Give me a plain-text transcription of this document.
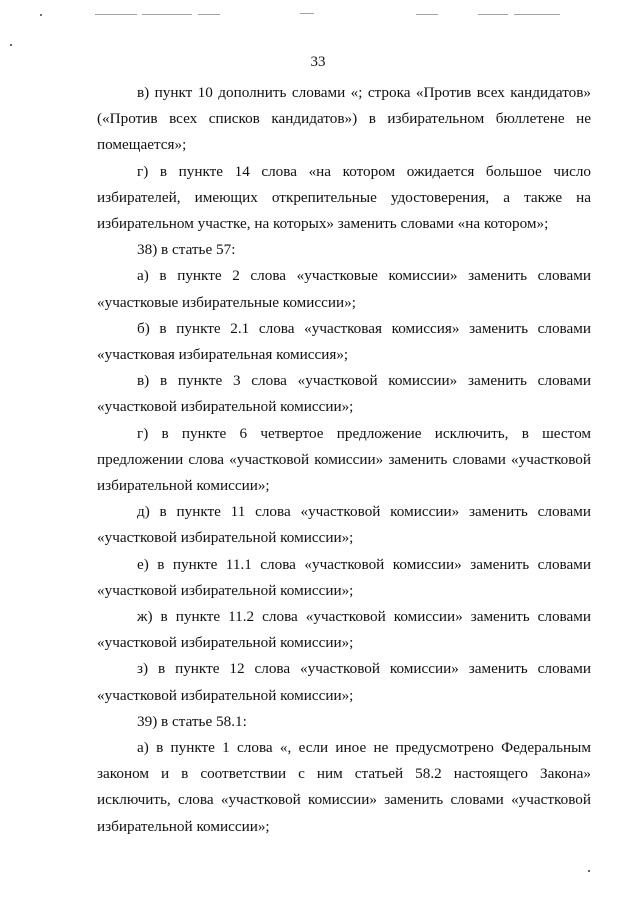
33
в) пункт 10 дополнить словами «; строка «Против всех кандидатов»
(«Против всех списков кандидатов») в избирательном бюллетене не
помещается»;
г) в пункте 14 слова «на котором ожидается большое число
избирателей, имеющих открепительные удостоверения, а также на
избирательном участке, на которых» заменить словами «на котором»;
38) в статье 57:
а) в пункте 2 слова «участковые комиссии» заменить словами
«участковые избирательные комиссии»;
б) в пункте 2.1 слова «участковая комиссия» заменить словами
«участковая избирательная комиссия»;
в) в пункте 3 слова «участковой комиссии» заменить словами
«участковой избирательной комиссии»;
г) в пункте 6 четвертое предложение исключить, в шестом
предложении слова «участковой комиссии» заменить словами «участковой
избирательной комиссии»;
д) в пункте 11 слова «участковой комиссии» заменить словами
«участковой избирательной комиссии»;
е) в пункте 11.1 слова «участковой комиссии» заменить словами
«участковой избирательной комиссии»;
ж) в пункте 11.2 слова «участковой комиссии» заменить словами
«участковой избирательной комиссии»;
з) в пункте 12 слова «участковой комиссии» заменить словами
«участковой избирательной комиссии»;
39) в статье 58.1:
а) в пункте 1 слова «, если иное не предусмотрено Федеральным
законом и в соответствии с ним статьей 58.2 настоящего Закона»
исключить, слова «участковой комиссии» заменить словами «участковой
избирательной комиссии»;
